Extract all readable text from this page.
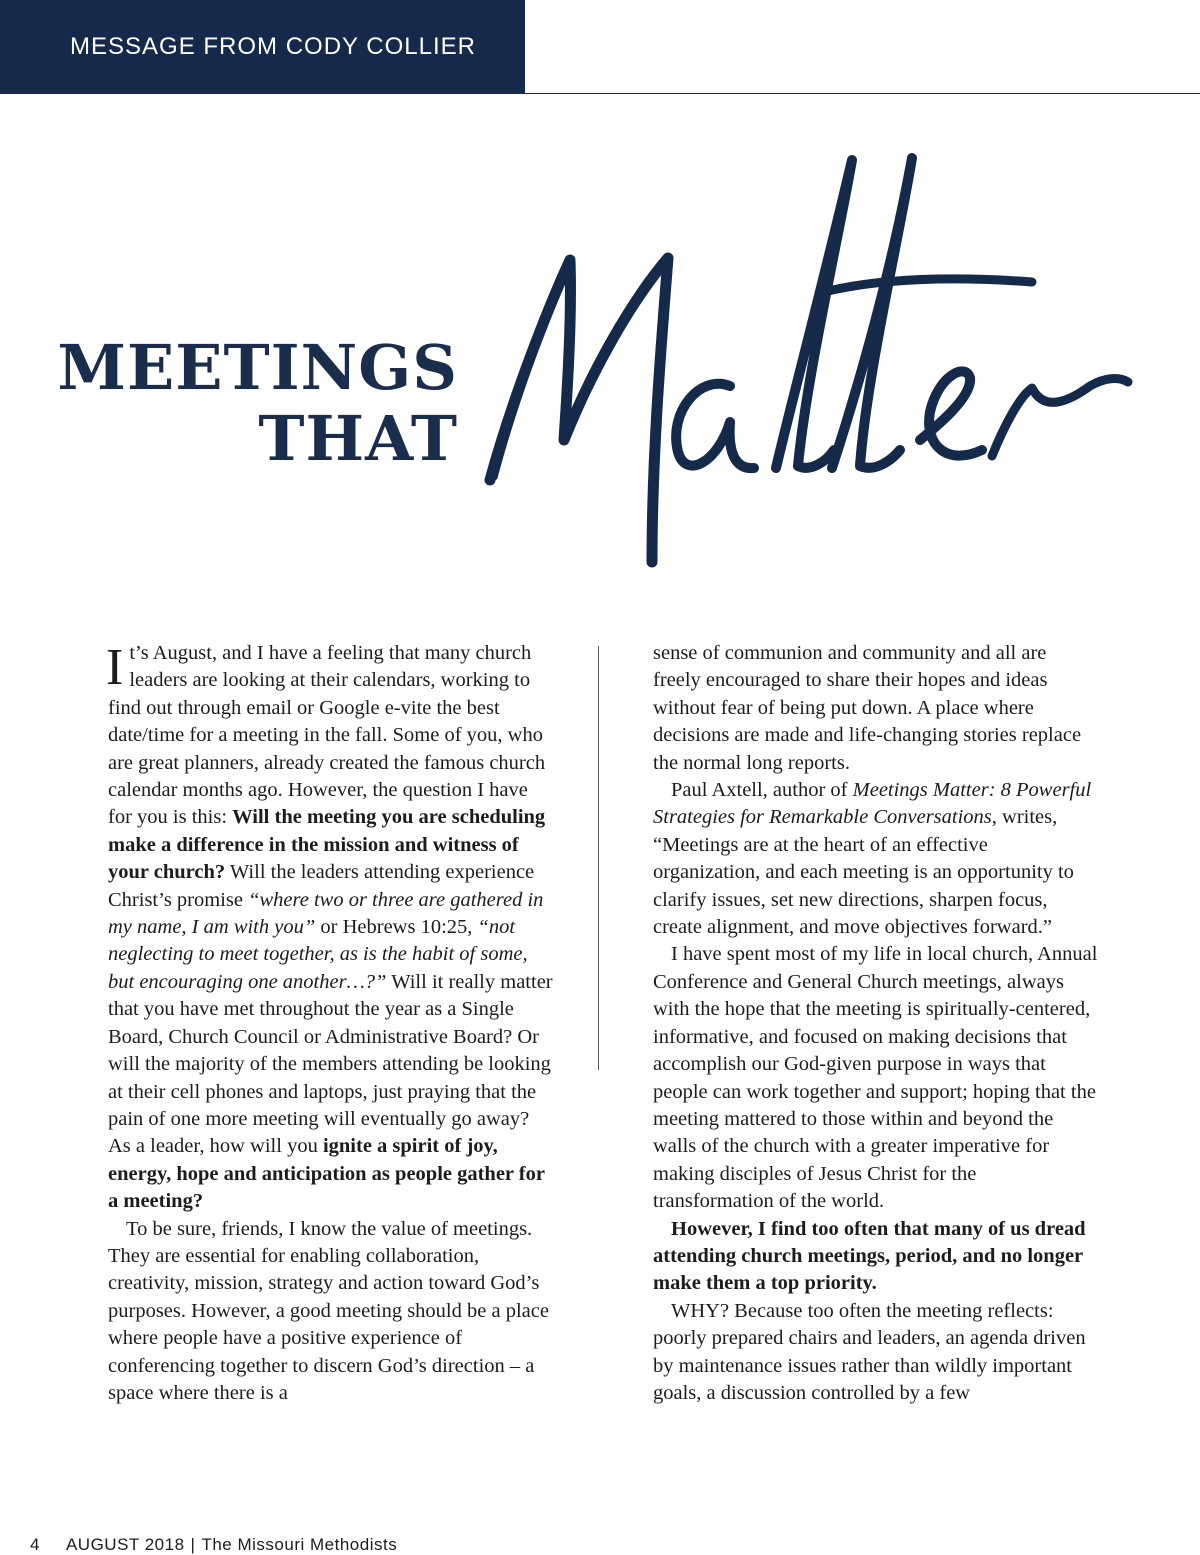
MESSAGE FROM CODY COLLIER
MEETINGS
THAT

It’s August, and I have a feeling that many church leaders are looking at their calendars, working to find out through email or Google e-vite the best date/time for a meeting in the fall. Some of you, who are great planners, already created the famous church calendar months ago. However, the question I have for you is this: Will the meeting you are scheduling make a difference in the mission and witness of your church? Will the leaders attending experience Christ’s promise “where two or three are gathered in my name, I am with you” or Hebrews 10:25, “not neglecting to meet together, as is the habit of some, but encouraging one another…?” Will it really matter that you have met throughout the year as a Single Board, Church Council or Administrative Board? Or will the majority of the members attending be looking at their cell phones and laptops, just praying that the pain of one more meeting will eventually go away? As a leader, how will you ignite a spirit of joy, energy, hope and anticipation as people gather for a meeting?

To be sure, friends, I know the value of meetings. They are essential for enabling collaboration, creativity, mission, strategy and action toward God’s purposes. However, a good meeting should be a place where people have a positive experience of conferencing together to discern God’s direction – a space where there is a

sense of communion and community and all are freely encouraged to share their hopes and ideas without fear of being put down. A place where decisions are made and life-changing stories replace the normal long reports.

Paul Axtell, author of Meetings Matter: 8 Powerful Strategies for Remarkable Conversations, writes, “Meetings are at the heart of an effective organization, and each meeting is an opportunity to clarify issues, set new directions, sharpen focus, create alignment, and move objectives forward.”

I have spent most of my life in local church, Annual Conference and General Church meetings, always with the hope that the meeting is spiritually-centered, informative, and focused on making decisions that accomplish our God-given purpose in ways that people can work together and support; hoping that the meeting mattered to those within and beyond the walls of the church with a greater imperative for making disciples of Jesus Christ for the transformation of the world.

However, I find too often that many of us dread attending church meetings, period, and no longer make them a top priority.

WHY? Because too often the meeting reflects: poorly prepared chairs and leaders, an agenda driven by maintenance issues rather than wildly important goals, a discussion controlled by a few

4 AUGUST 2018 | The Missouri Methodists
